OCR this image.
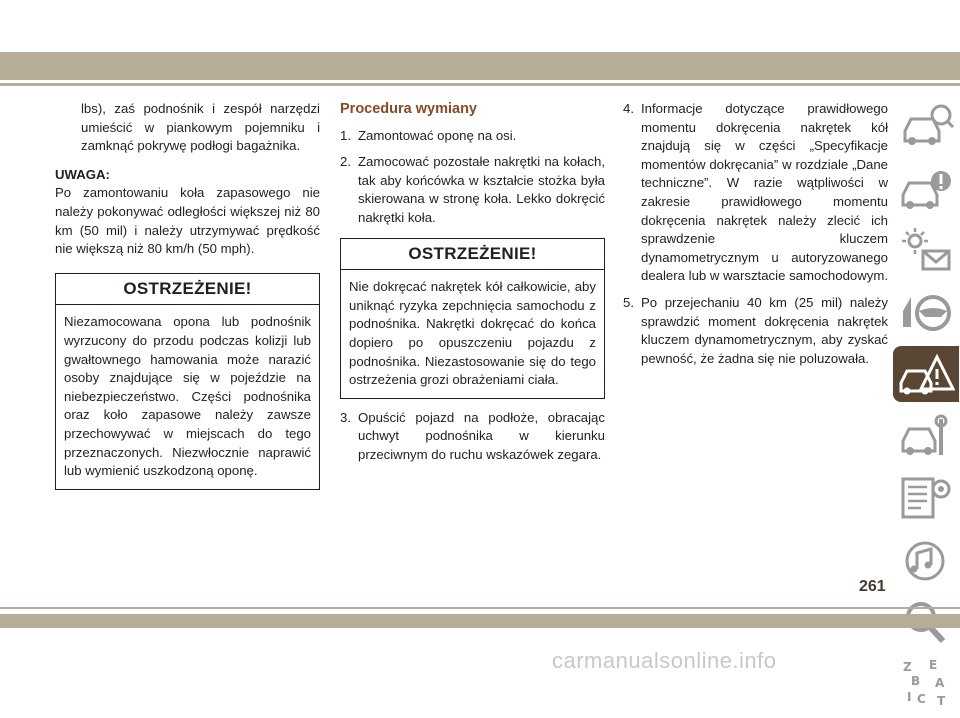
lbs), zaś podnośnik i zespół narzędzi umieścić w piankowym pojemniku i zamknąć pokrywę podłogi bagażnika.

UWAGA:

Po zamontowaniu koła zapasowego nie należy pokonywać odległości większej niż 80 km (50 mil) i należy utrzymywać prędkość nie większą niż 80 km/h (50 mph).

OSTRZEŻENIE!
Niezamocowana opona lub podnośnik wyrzucony do przodu podczas kolizji lub gwałtownego hamowania może narazić osoby znajdujące się w pojeździe na niebezpieczeństwo. Części podnośnika oraz koło zapasowe należy zawsze przechowywać w miejscach do tego przeznaczonych. Niezwłocznie naprawić lub wymienić uszkodzoną oponę.
Procedura wymiany
1. Zamontować oponę na osi.
2. Zamocować pozostałe nakrętki na kołach, tak aby końcówka w kształcie stożka była skierowana w stronę koła. Lekko dokręcić nakrętki koła.
OSTRZEŻENIE!
Nie dokręcać nakrętek kół całkowicie, aby uniknąć ryzyka zepchnięcia samochodu z podnośnika. Nakrętki dokręcać do końca dopiero po opuszczeniu pojazdu z podnośnika. Niezastosowanie się do tego ostrzeżenia grozi obrażeniami ciała.
3. Opuścić pojazd na podłoże, obracając uchwyt podnośnika w kierunku przeciwnym do ruchu wskazówek zegara.
4. Informacje dotyczące prawidłowego momentu dokręcenia nakrętek kół znajdują się w części „Specyfikacje momentów dokręcania” w rozdziale „Dane techniczne”. W razie wątpliwości w zakresie prawidłowego momentu dokręcenia nakrętek należy zlecić ich sprawdzenie kluczem dynamometrycznym u autoryzowanego dealera lub w warsztacie samochodowym.
5. Po przejechaniu 40 km (25 mil) należy sprawdzić moment dokręcenia nakrętek kluczem dynamometrycznym, aby zyskać pewność, że żadna się nie poluzowała.
Z E
B A
I C T
261
carmanualsonline.info
